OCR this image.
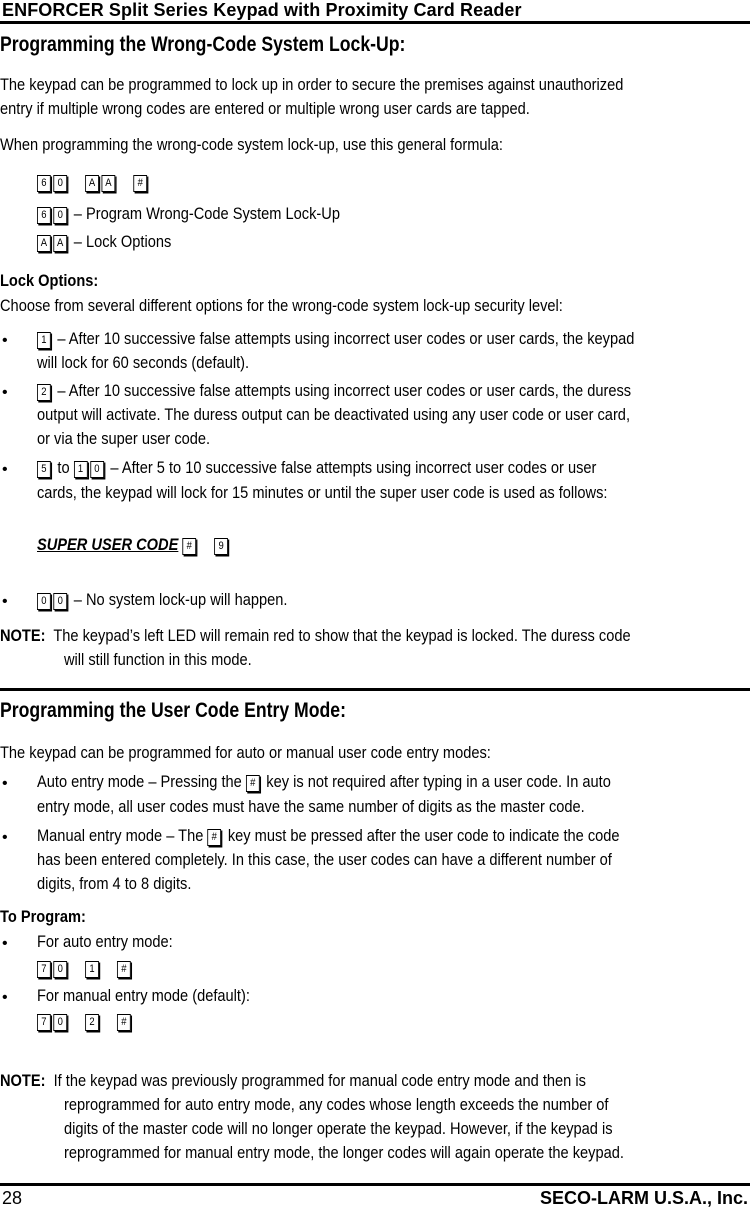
ENFORCER Split Series Keypad with Proximity Card Reader
Programming the Wrong-Code System Lock-Up:
The keypad can be programmed to lock up in order to secure the premises against unauthorized
entry if multiple wrong codes are entered or multiple wrong user cards are tapped.
When programming the wrong-code system lock-up, use this general formula:
6 0 A A #
6 0 – Program Wrong-Code System Lock-Up
A A – Lock Options
Lock Options:
Choose from several different options for the wrong-code system lock-up security level:
•	1 – After 10 successive false attempts using incorrect user codes or user cards, the keypad
will lock for 60 seconds (default).
•	2 – After 10 successive false attempts using incorrect user codes or user cards, the duress
output will activate. The duress output can be deactivated using any user code or user card,
or via the super user code.
•	5 to 1 0 – After 5 to 10 successive false attempts using incorrect user codes or user
cards, the keypad will lock for 15 minutes or until the super user code is used as follows:
SUPER USER CODE # 9
•	0 0 – No system lock-up will happen.
NOTE: The keypad’s left LED will remain red to show that the keypad is locked. The duress code
will still function in this mode.
Programming the User Code Entry Mode:
The keypad can be programmed for auto or manual user code entry modes:
• Auto entry mode – Pressing the # key is not required after typing in a user code. In auto
entry mode, all user codes must have the same number of digits as the master code.
• Manual entry mode – The # key must be pressed after the user code to indicate the code
has been entered completely. In this case, the user codes can have a different number of
digits, from 4 to 8 digits.
To Program:
• For auto entry mode:
7 0 1 #
• For manual entry mode (default):
7 0 2 #
NOTE: If the keypad was previously programmed for manual code entry mode and then is
reprogrammed for auto entry mode, any codes whose length exceeds the number of
digits of the master code will no longer operate the keypad. However, if the keypad is
reprogrammed for manual entry mode, the longer codes will again operate the keypad.
28	SECO-LARM U.S.A., Inc.
